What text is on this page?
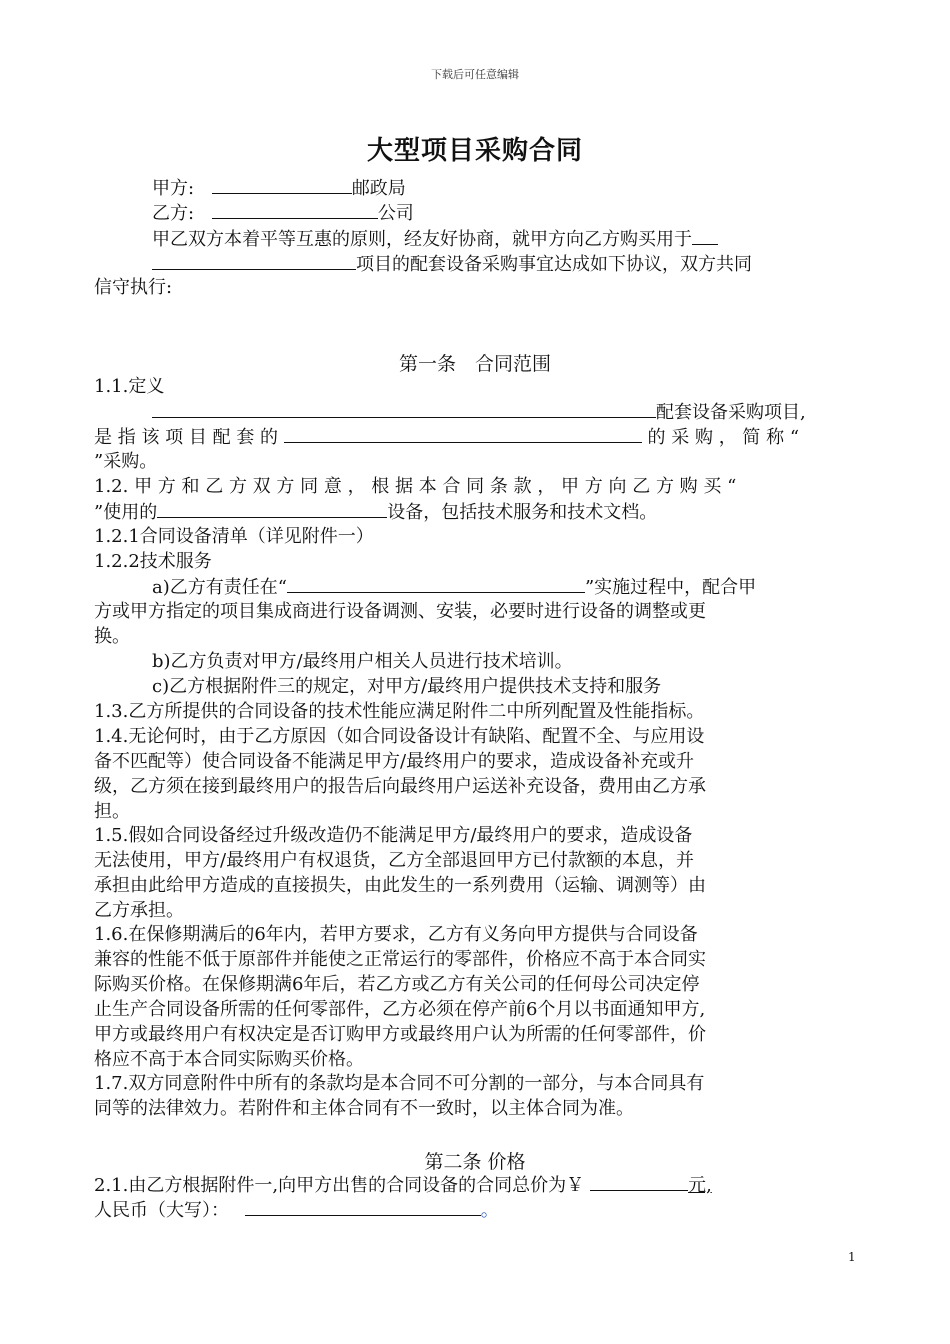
下载后可任意编辑
大型项目采购合同
甲方:	邮政局
乙方:	公司
甲乙双方本着平等互惠的原则，经友好协商，就甲方向乙方购买用于
项目的配套设备采购事宜达成如下协议，双方共同
信守执行:
第一条　合同范围
1.1.定义
配套设备采购项目,
是 指 该 项 目 配 套 的	的 采 购 ， 简 称 “
”采购。
1.2. 甲 方 和 乙 方 双 方 同 意 ， 根 据 本 合 同 条 款 ， 甲 方 向 乙 方 购 买 “
”使用的	设备，包括技术服务和技术文档。
1.2.1合同设备清单（详见附件一）
1.2.2技术服务
a)乙方有责任在“	”实施过程中，配合甲
方或甲方指定的项目集成商进行设备调测、安装，必要时进行设备的调整或更
换。
b)乙方负责对甲方/最终用户相关人员进行技术培训。
c)乙方根据附件三的规定，对甲方/最终用户提供技术支持和服务
1.3.乙方所提供的合同设备的技术性能应满足附件二中所列配置及性能指标。
1.4.无论何时，由于乙方原因（如合同设备设计有缺陷、配置不全、与应用设
备不匹配等）使合同设备不能满足甲方/最终用户的要求，造成设备补充或升
级，乙方须在接到最终用户的报告后向最终用户运送补充设备，费用由乙方承
担。
1.5.假如合同设备经过升级改造仍不能满足甲方/最终用户的要求，造成设备
无法使用，甲方/最终用户有权退货，乙方全部退回甲方已付款额的本息，并
承担由此给甲方造成的直接损失，由此发生的一系列费用（运输、调测等）由
乙方承担。
1.6.在保修期满后的6年内，若甲方要求，乙方有义务向甲方提供与合同设备
兼容的性能不低于原部件并能使之正常运行的零部件，价格应不高于本合同实
际购买价格。在保修期满6年后，若乙方或乙方有关公司的任何母公司决定停
止生产合同设备所需的任何零部件，乙方必须在停产前6个月以书面通知甲方,
甲方或最终用户有权决定是否订购甲方或最终用户认为所需的任何零部件，价
格应不高于本合同实际购买价格。
1.7.双方同意附件中所有的条款均是本合同不可分割的一部分，与本合同具有
同等的法律效力。若附件和主体合同有不一致时，以主体合同为准。
第二条 价格
2.1.由乙方根据附件一,向甲方出售的合同设备的合同总价为￥	元,
人民币（大写）：	。
1
